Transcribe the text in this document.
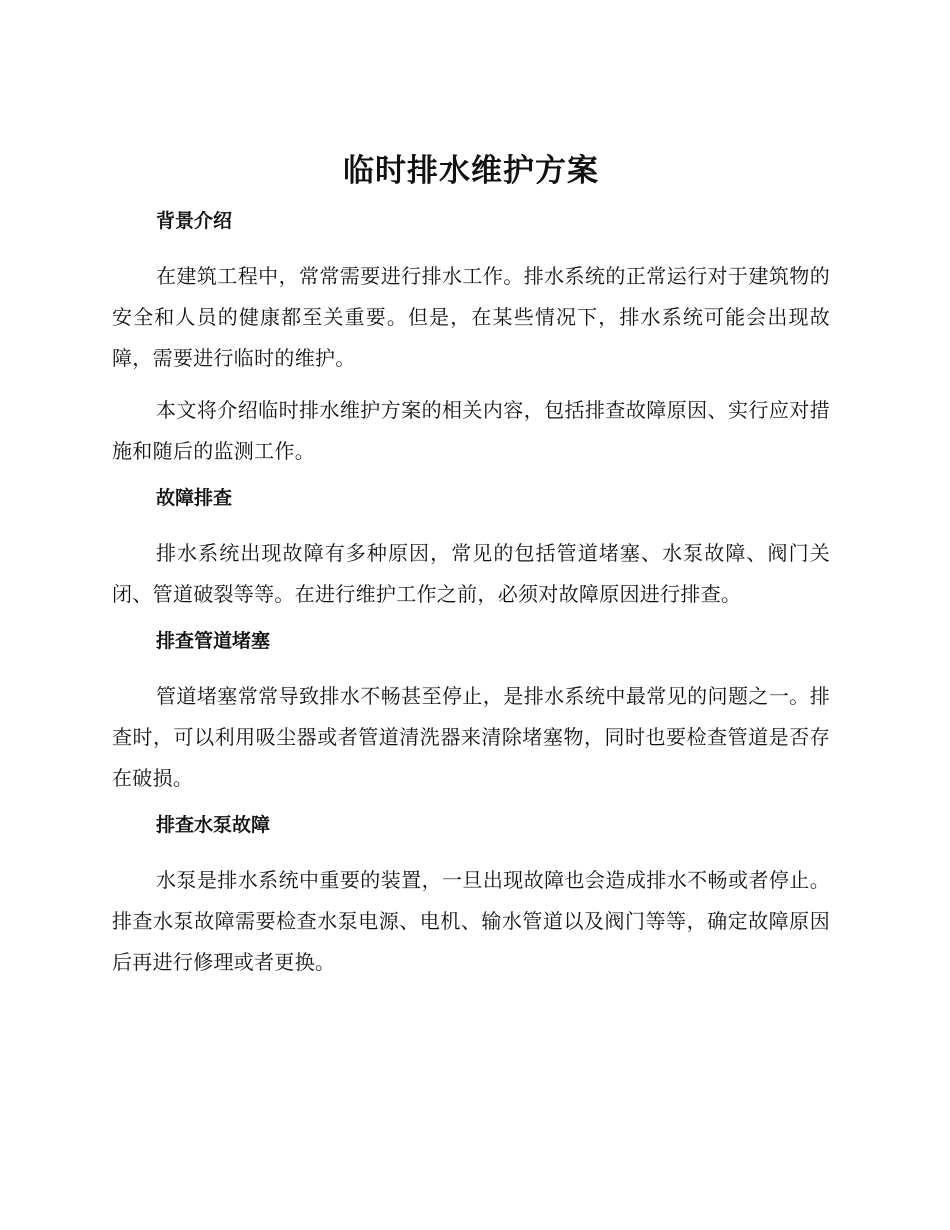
临时排水维护方案
背景介绍

在建筑工程中，常常需要进行排水工作。排水系统的正常运行对于建筑物的安全和人员的健康都至关重要。但是，在某些情况下，排水系统可能会出现故障，需要进行临时的维护。

本文将介绍临时排水维护方案的相关内容，包括排查故障原因、实行应对措施和随后的监测工作。

故障排查

排水系统出现故障有多种原因，常见的包括管道堵塞、水泵故障、阀门关闭、管道破裂等等。在进行维护工作之前，必须对故障原因进行排查。

排查管道堵塞

管道堵塞常常导致排水不畅甚至停止，是排水系统中最常见的问题之一。排查时，可以利用吸尘器或者管道清洗器来清除堵塞物，同时也要检查管道是否存在破损。

排查水泵故障

水泵是排水系统中重要的装置，一旦出现故障也会造成排水不畅或者停止。排查水泵故障需要检查水泵电源、电机、输水管道以及阀门等等，确定故障原因后再进行修理或者更换。
